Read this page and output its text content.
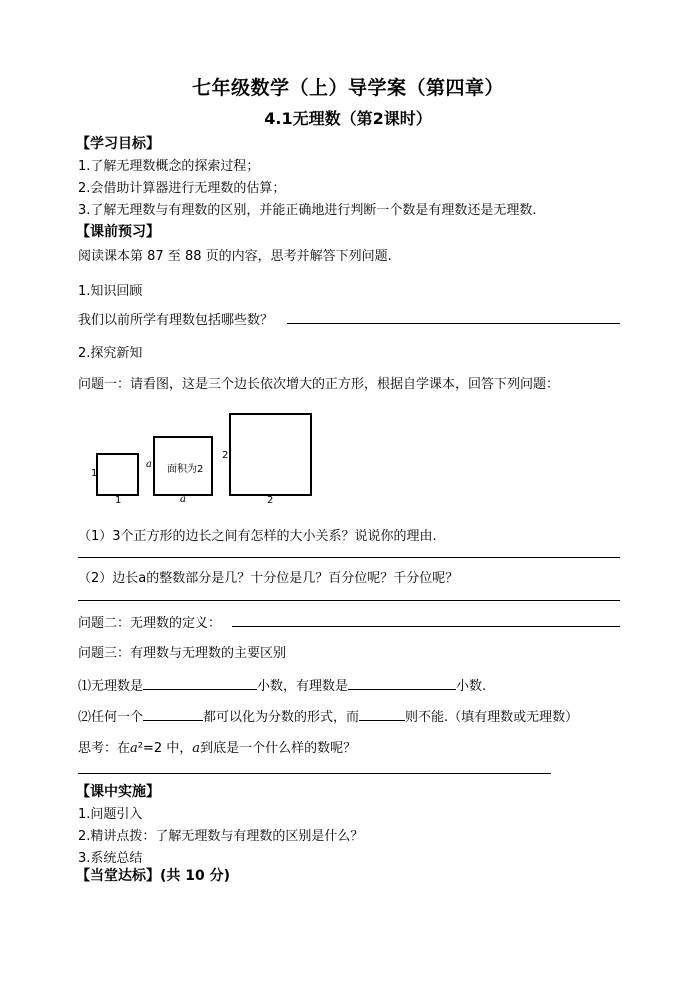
七年级数学（上）导学案（第四章）
4.1无理数（第2课时）
【学习目标】
1.了解无理数概念的探索过程；
2.会借助计算器进行无理数的估算；
3.了解无理数与有理数的区别，并能正确地进行判断一个数是有理数还是无理数.
【课前预习】
阅读课本第 87 至 88 页的内容，思考并解答下列问题.
1.知识回顾
我们以前所学有理数包括哪些数？
2.探究新知
问题一：请看图，这是三个边长依次增大的正方形，根据自学课本，回答下列问题：
1
1
a
a
面积为2
2
2
（1）3个正方形的边长之间有怎样的大小关系？说说你的理由.
（2）边长a的整数部分是几？十分位是几？百分位呢？千分位呢？
问题二：无理数的定义：
问题三：有理数与无理数的主要区别
⑴无理数是	小数，有理数是	小数.
⑵任何一个	都可以化为分数的形式，而	则不能.（填有理数或无理数）
思考：在a²=2 中，a到底是一个什么样的数呢？
【课中实施】
1.问题引入
2.精讲点拨：了解无理数与有理数的区别是什么？
3.系统总结
【当堂达标】(共 10 分)
